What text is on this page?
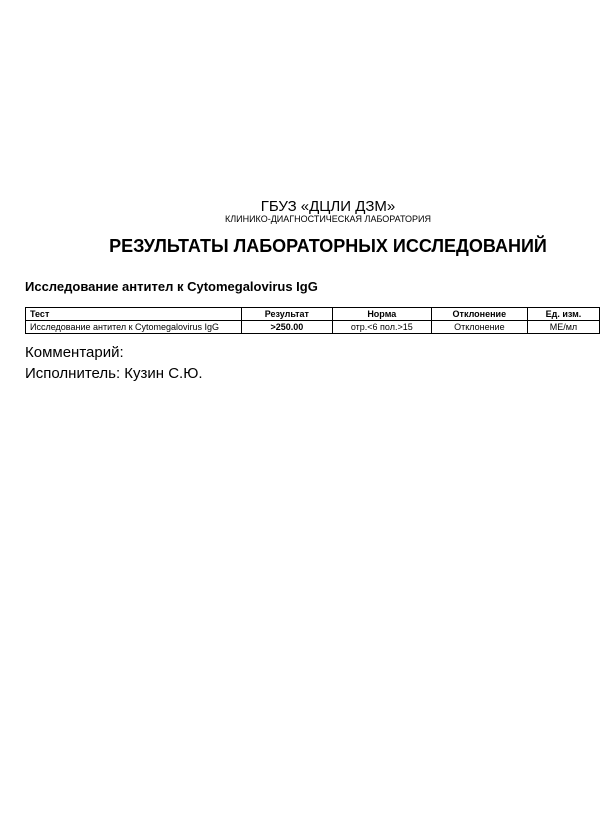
ГБУЗ «ДЦЛИ ДЗМ»
КЛИНИКО-ДИАГНОСТИЧЕСКАЯ ЛАБОРАТОРИЯ
РЕЗУЛЬТАТЫ ЛАБОРАТОРНЫХ ИССЛЕДОВАНИЙ
Исследование антител к Cytomegalovirus IgG
Тест	Результат	Норма	Отклонение	Ед. изм.
Исследование антител к Cytomegalovirus IgG	>250.00	отр.<6 пол.>15	Отклонение	МЕ/мл
Комментарий:
Исполнитель: Кузин С.Ю.
